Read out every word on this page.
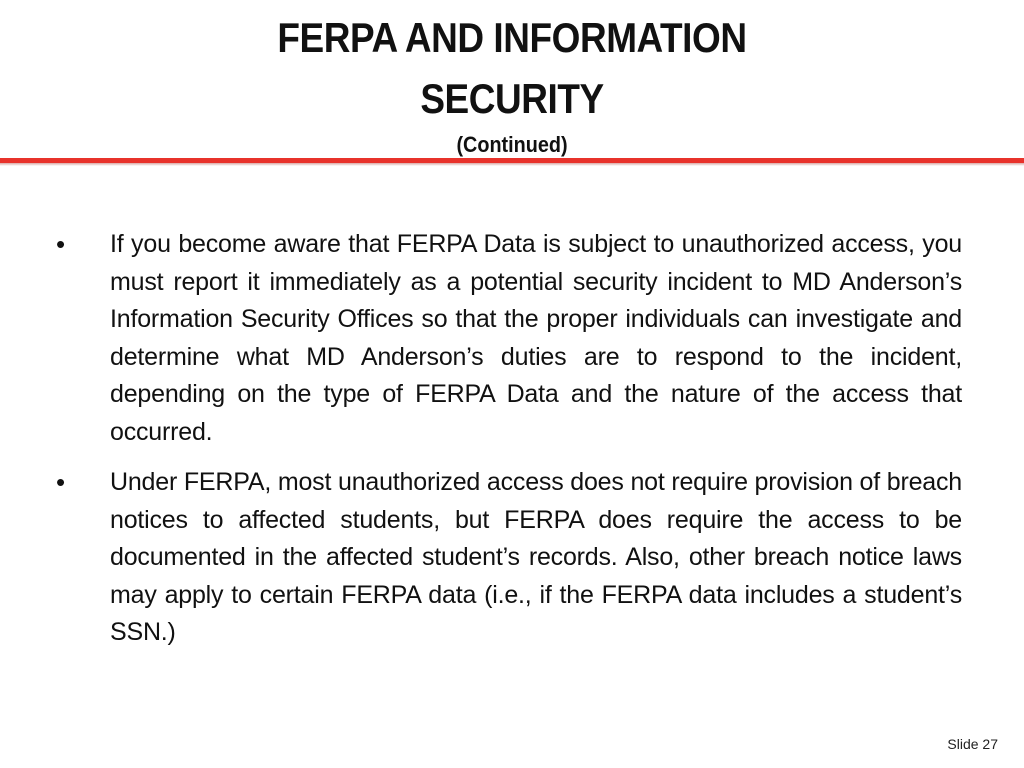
FERPA AND INFORMATION
SECURITY
(Continued)
• If you become aware that FERPA Data is subject to unauthorized access, you must report it immediately as a potential security incident to MD Anderson’s Information Security Offices so that the proper individuals can investigate and determine what MD Anderson’s duties are to respond to the incident, depending on the type of FERPA Data and the nature of the access that occurred.
• Under FERPA, most unauthorized access does not require provision of breach notices to affected students, but FERPA does require the access to be documented in the affected student’s records. Also, other breach notice laws may apply to certain FERPA data (i.e., if the FERPA data includes a student’s SSN.)
Slide 27
